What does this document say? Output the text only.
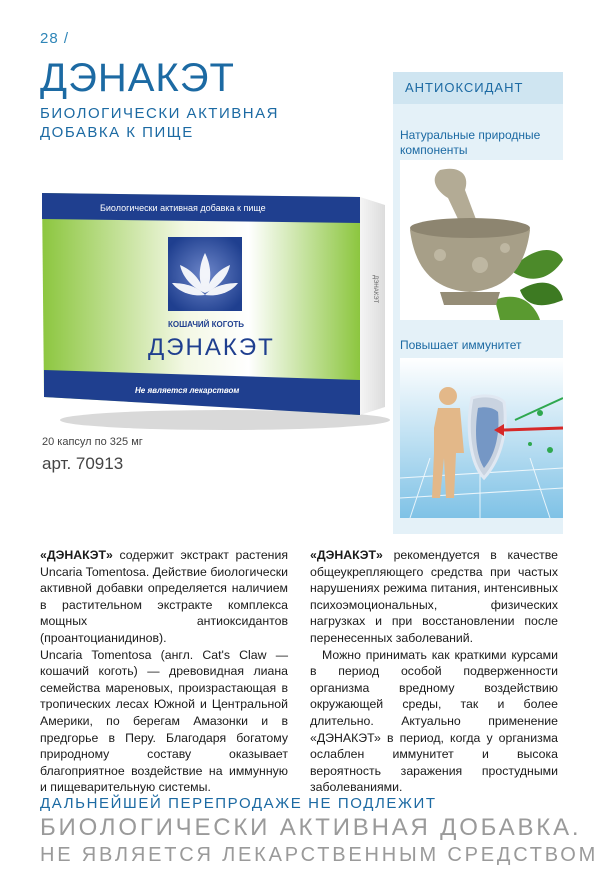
28 /
ДЭНАКЭТ
БИОЛОГИЧЕСКИ АКТИВНАЯ ДОБАВКА К ПИЩЕ
ДЭНАКЭТ
Биологически активная добавка к пище
КОШАЧИЙ КОГОТЬ
ДЭНАКЭТ
Не является лекарством
20 капсул по 325 мг
арт. 70913
АНТИОКСИДАНТ
Натуральные природные компоненты
Повышает иммунитет

«ДЭНАКЭТ» содержит экстракт растения Uncaria Tomentosa. Действие биологически активной добавки определяется наличием в растительном экстракте комплекса мощных антиоксидантов (проантоцианидинов).

Uncaria Tomentosa (англ. Cat's Claw — кошачий коготь) — древовидная лиана семейства мареновых, произрастающая в тропических лесах Южной и Центральной Америки, по берегам Амазонки и в предгорье в Перу. Благодаря богатому природному составу оказывает благоприятное воздействие на иммунную и пищеварительную системы.

«ДЭНАКЭТ» рекомендуется в качестве общеукрепляющего средства при частых нарушениях режима питания, интенсивных психоэмоциональных, физических нагрузках и при восстановлении после перенесенных заболеваний.

Можно принимать как краткими курсами в период особой подверженности организма вредному воздействию окружающей среды, так и более длительно. Актуально применение «ДЭНАКЭТ» в период, когда у организма ослаблен иммунитет и высока вероятность заражения простудными заболеваниями.

ДАЛЬНЕЙШЕЙ ПЕРЕПРОДАЖЕ НЕ ПОДЛЕЖИТ
БИОЛОГИЧЕСКИ АКТИВНАЯ ДОБАВКА.
НЕ ЯВЛЯЕТСЯ ЛЕКАРСТВЕННЫМ СРЕДСТВОМ
